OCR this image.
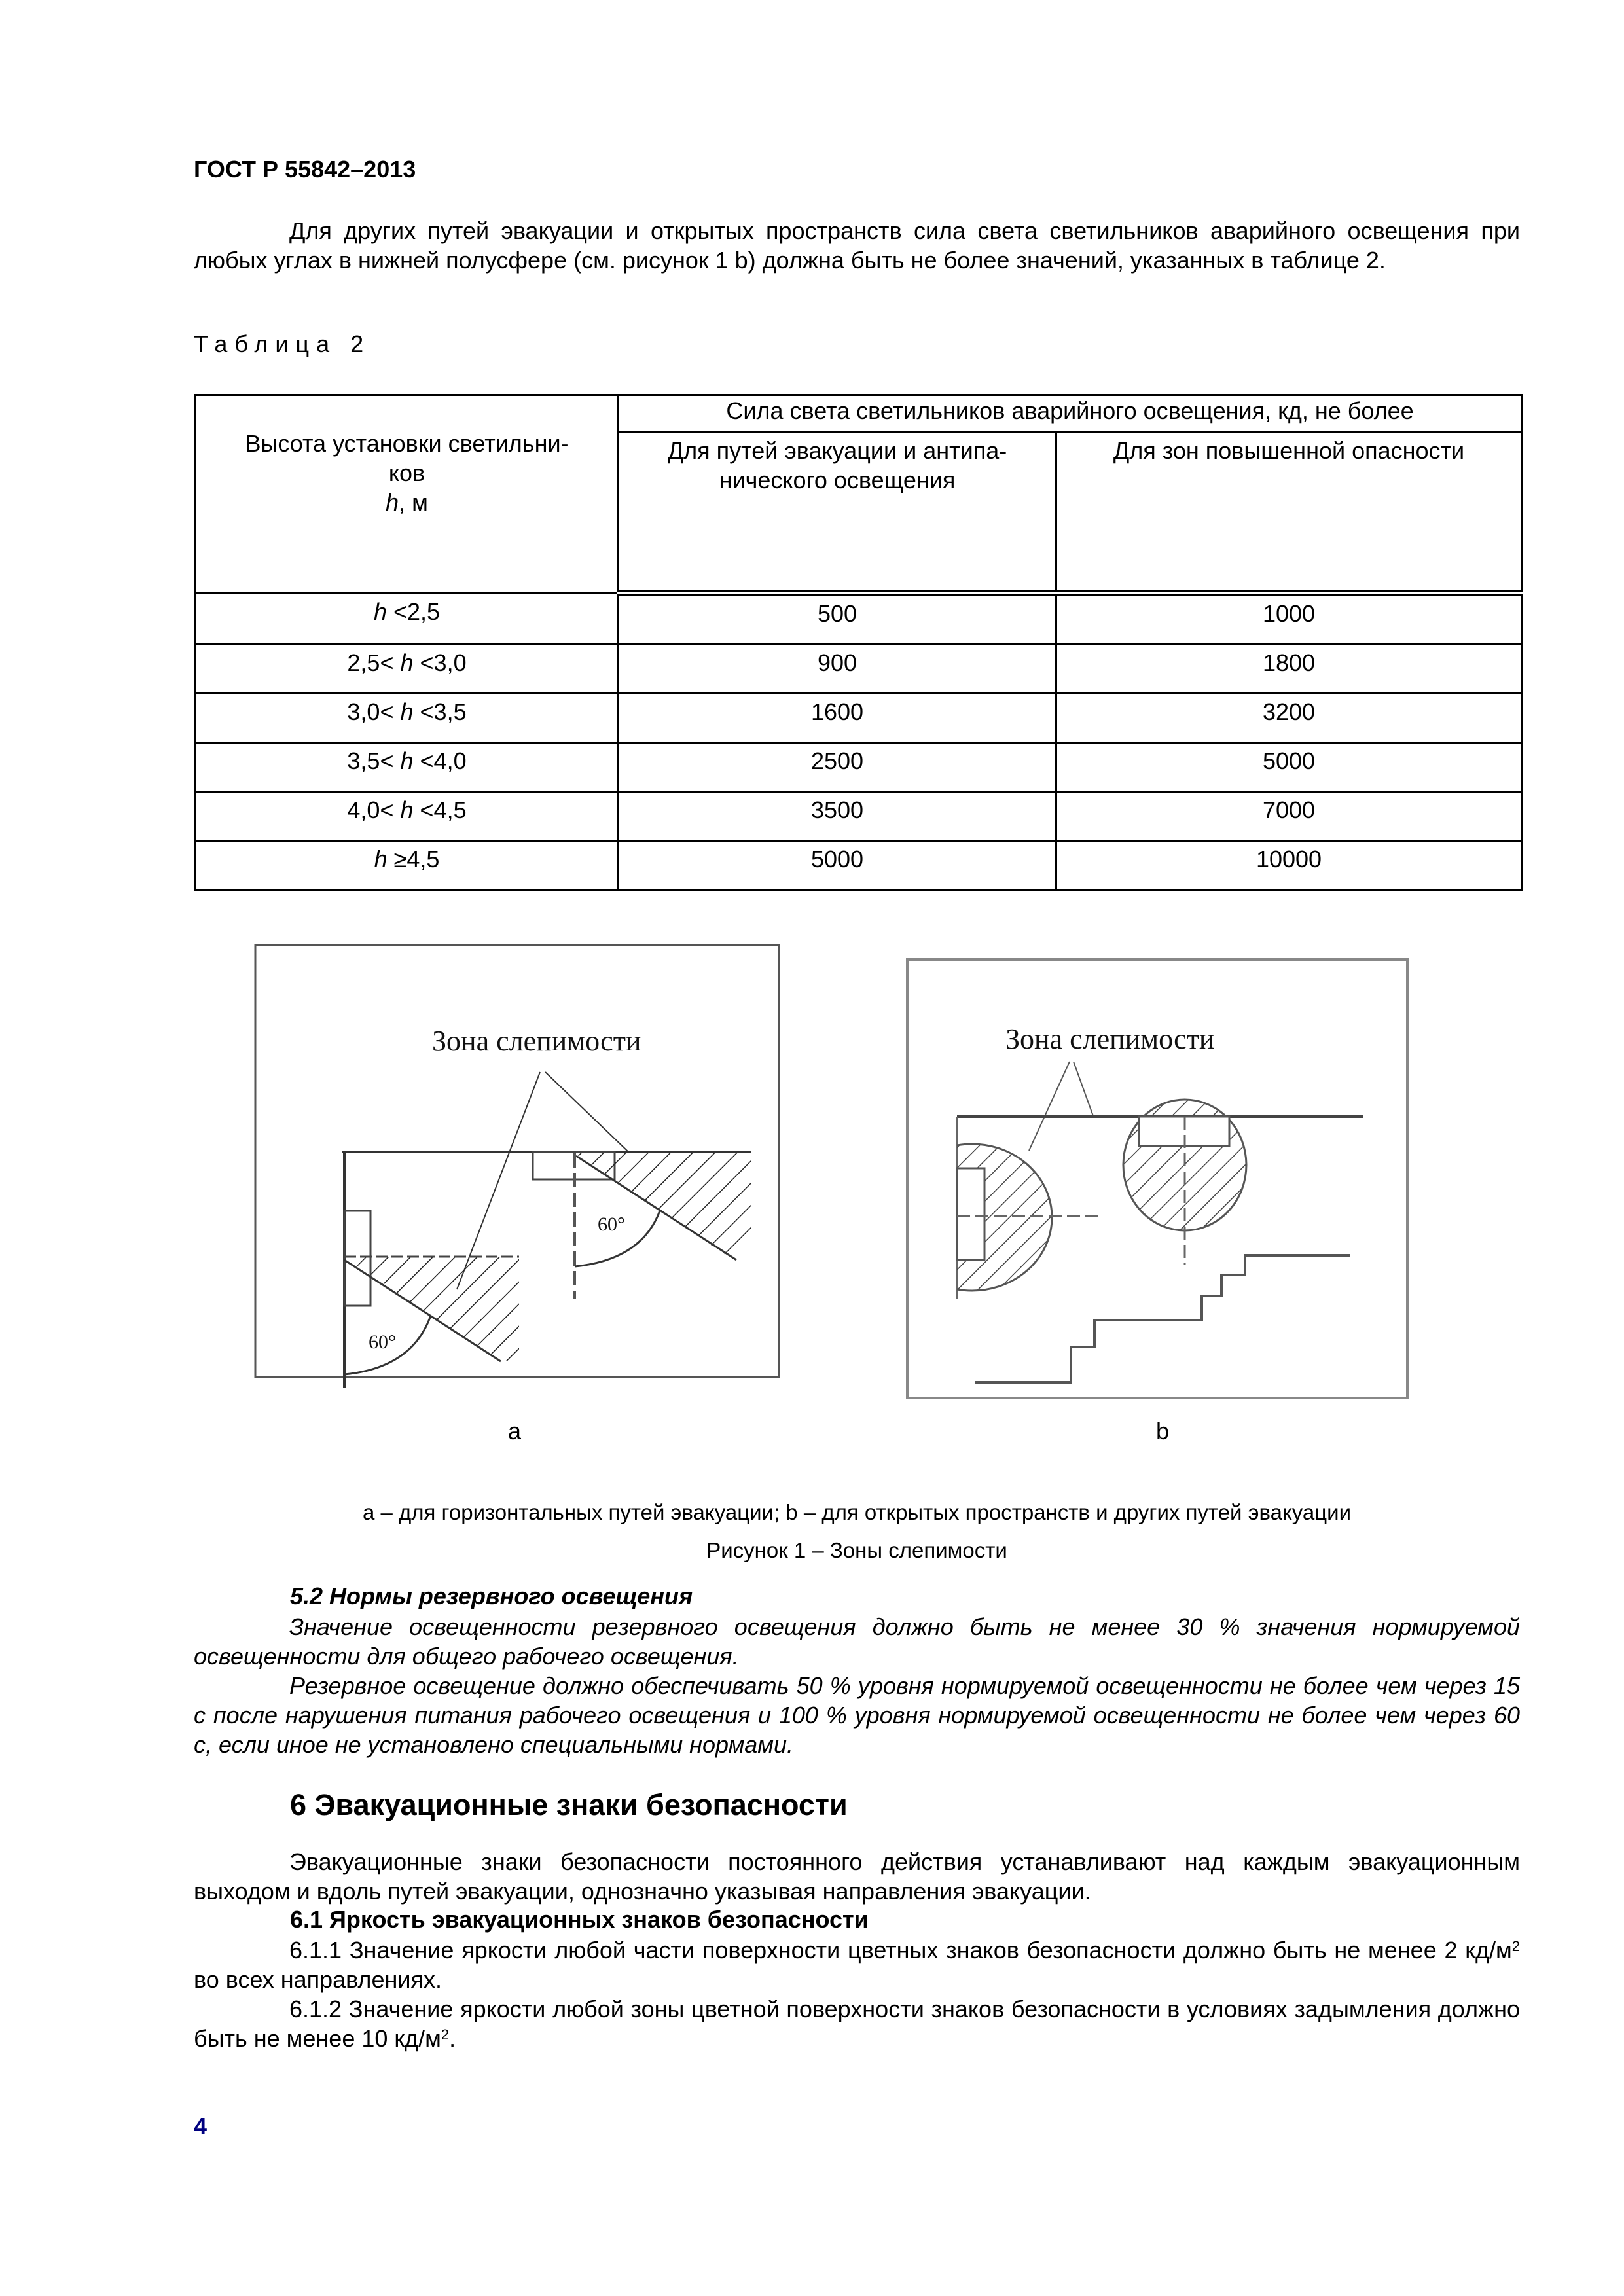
ГОСТ Р 55842–2013
Для других путей эвакуации и открытых пространств сила света светильников аварийного освещения при любых углах в нижней полусфере (см. рисунок 1 b) должна быть не более значений, указанных в таблице 2.
Таблица 2
Высота установки светильни-
ков
h, м	Сила света светильников аварийного освещения, кд, не более	
	Для путей эвакуации и антипа-нического освещения	Для зон повышенной опасности
h <2,5	500	1000
2,5< h <3,0	900	1800
3,0< h <3,5	1600	3200
3,5< h <4,0	2500	5000
4,0< h <4,5	3500	7000
h ≥4,5	5000	10000
Зона слепимости
60°
60°
a
Зона слепимости
b
a – для горизонтальных путей эвакуации; b – для открытых пространств и других путей эвакуации
Рисунок 1 – Зоны слепимости
5.2 Нормы резервного освещения
Значение освещенности резервного освещения должно быть не менее 30 % значения нормируемой освещенности для общего рабочего освещения.
Резервное освещение должно обеспечивать 50 % уровня нормируемой освещенности не более чем через 15 с после нарушения питания рабочего освещения и 100 % уровня нормируемой освещенности не более чем через 60 с, если иное не установлено специальными нормами.
6 Эвакуационные знаки безопасности
Эвакуационные знаки безопасности постоянного действия устанавливают над каждым эвакуационным выходом и вдоль путей эвакуации, однозначно указывая направления эвакуации.
6.1 Яркость эвакуационных знаков безопасности
6.1.1 Значение яркости любой части поверхности цветных знаков безопасности должно быть не менее 2 $кд/м^2$ во всех направлениях.
6.1.2 Значение яркости любой зоны цветной поверхности знаков безопасности в условиях задымления должно быть не менее 10 $кд/м^2$.
4
